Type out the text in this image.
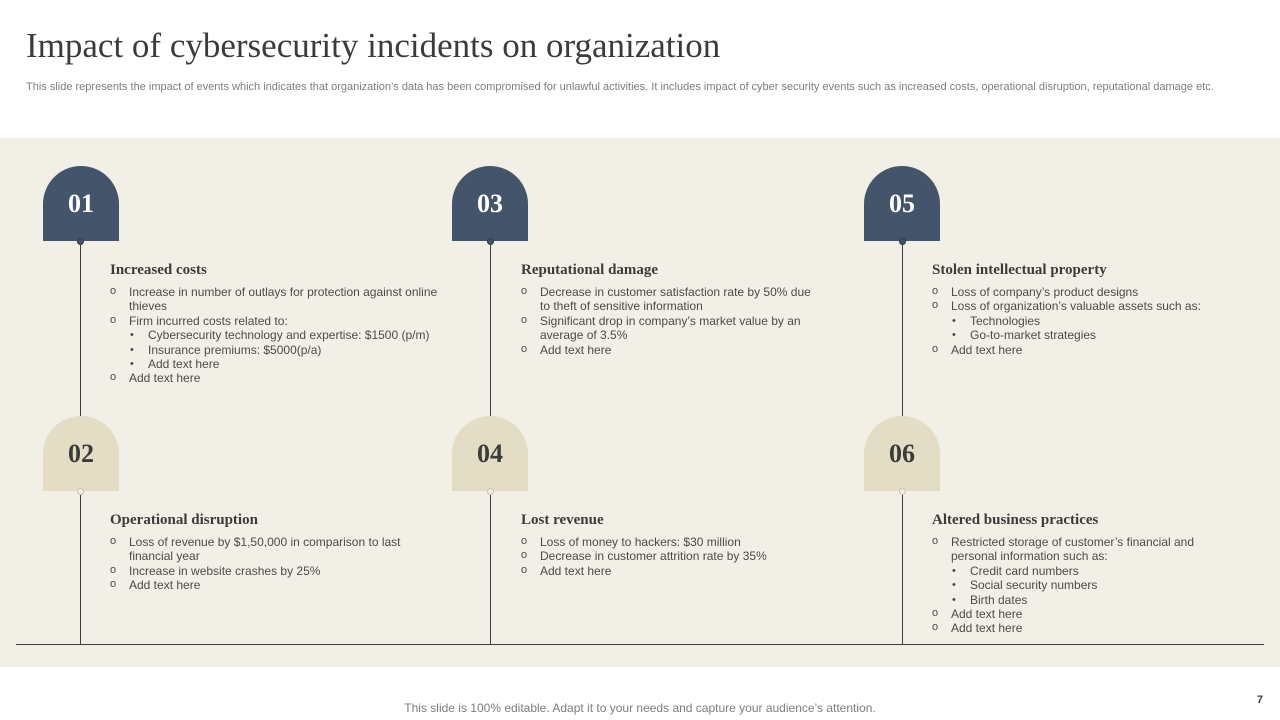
Impact of cybersecurity incidents on organization
This slide represents the impact of events which indicates that organization’s data has been compromised for unlawful activities. It includes impact of cyber security events such as increased costs, operational disruption, reputational damage etc.
01
02
03
04
05
06
Increased costs
o Increase in number of outlays for protection against online thieves
o Firm incurred costs related to:
• Cybersecurity technology and expertise: $1500 (p/m)
• Insurance premiums: $5000(p/a)
• Add text here
o Add text here
Operational disruption
o Loss of revenue by $1,50,000 in comparison to last financial year
o Increase in website crashes by 25%
o Add text here
Reputational damage
o Decrease in customer satisfaction rate by 50% due to theft of sensitive information
o Significant drop in company’s market value by an average of 3.5%
o Add text here
Lost revenue
o Loss of money to hackers: $30 million
o Decrease in customer attrition rate by 35%
o Add text here
Stolen intellectual property
o Loss of company’s product designs
o Loss of organization’s valuable assets such as:
• Technologies
• Go-to-market strategies
o Add text here
Altered business practices
o Restricted storage of customer’s financial and personal information such as:
• Credit card numbers
• Social security numbers
• Birth dates
o Add text here
o Add text here
This slide is 100% editable. Adapt it to your needs and capture your audience’s attention.
7
